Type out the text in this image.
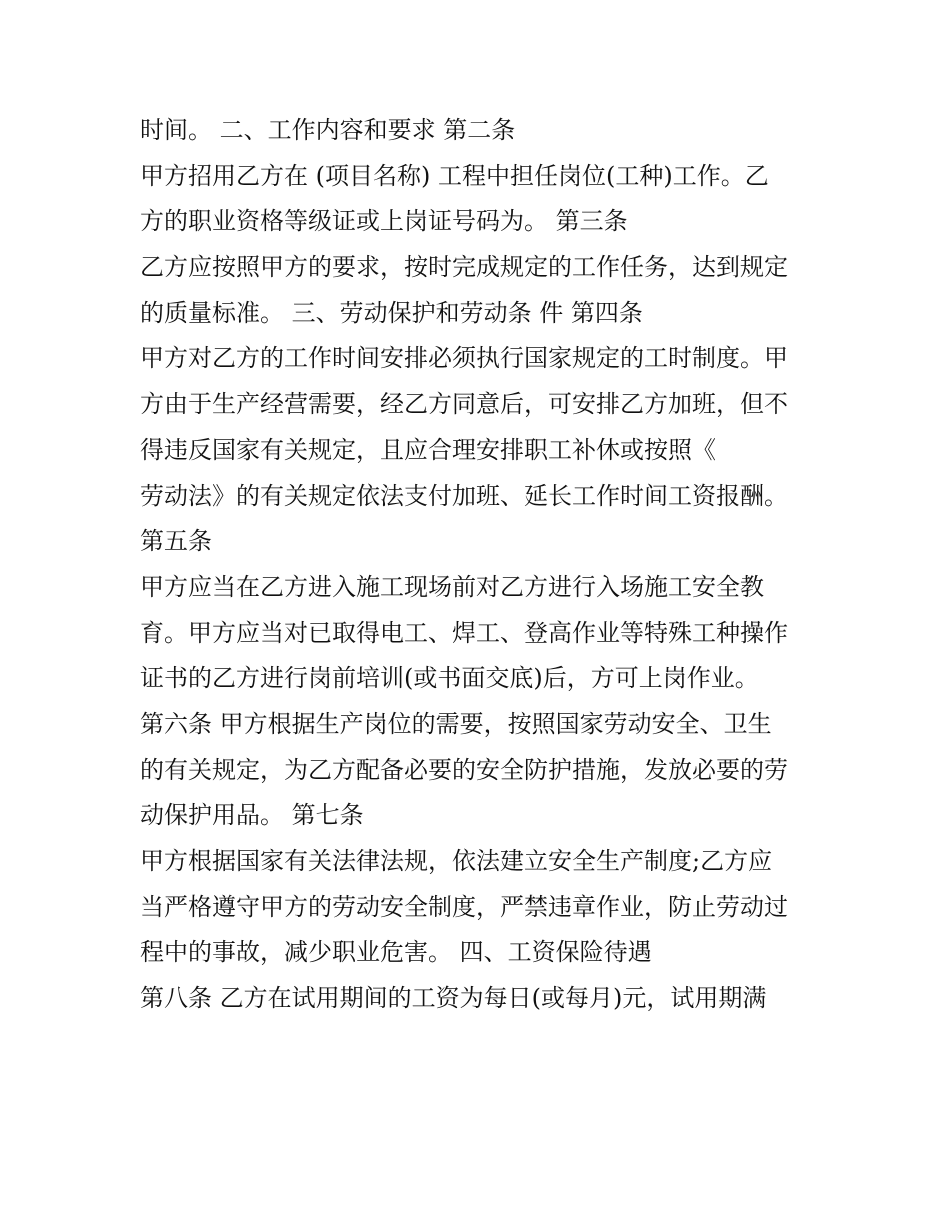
时间。 二、工作内容和要求 第二条
甲方招用乙方在 (项目名称) 工程中担任岗位(工种)工作。乙
方的职业资格等级证或上岗证号码为。 第三条
乙方应按照甲方的要求，按时完成规定的工作任务，达到规定
的质量标准。 三、劳动保护和劳动条 件 第四条
甲方对乙方的工作时间安排必须执行国家规定的工时制度。甲
方由于生产经营需要，经乙方同意后，可安排乙方加班，但不
得违反国家有关规定，且应合理安排职工补休或按照《
劳动法》的有关规定依法支付加班、延长工作时间工资报酬。
第五条
甲方应当在乙方进入施工现场前对乙方进行入场施工安全教
育。甲方应当对已取得电工、焊工、登高作业等特殊工种操作
证书的乙方进行岗前培训(或书面交底)后，方可上岗作业。
第六条 甲方根据生产岗位的需要，按照国家劳动安全、卫生
的有关规定，为乙方配备必要的安全防护措施，发放必要的劳
动保护用品。 第七条
甲方根据国家有关法律法规，依法建立安全生产制度;乙方应
当严格遵守甲方的劳动安全制度，严禁违章作业，防止劳动过
程中的事故，减少职业危害。 四、工资保险待遇
第八条 乙方在试用期间的工资为每日(或每月)元，试用期满
